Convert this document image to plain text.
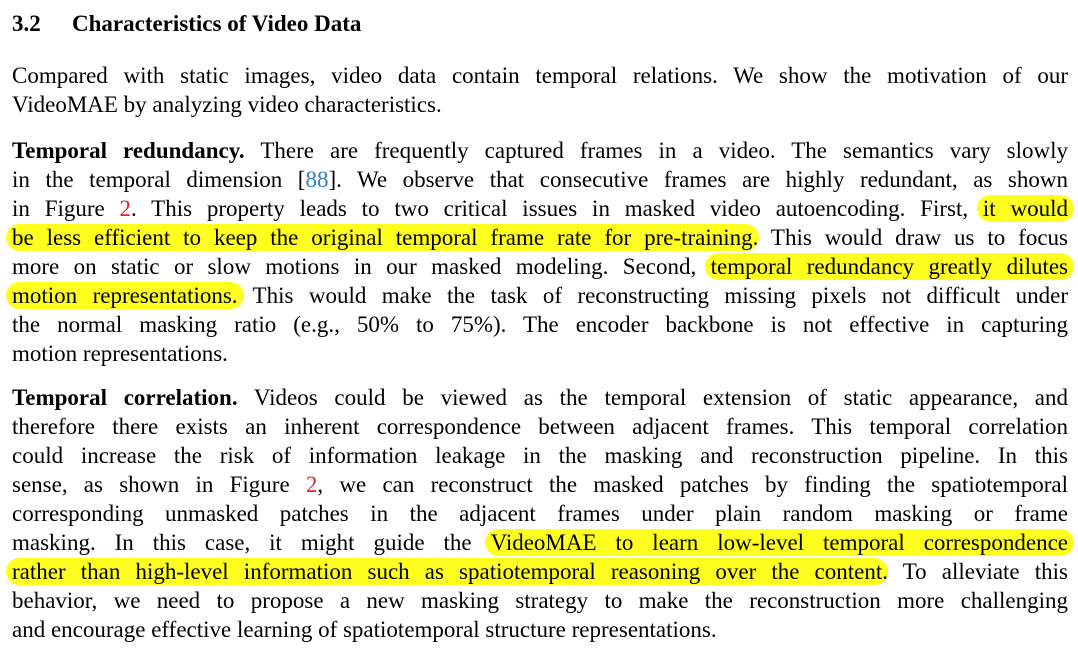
3.2 Characteristics of Video Data

Compared with static images, video data contain temporal relations. We show the motivation of our

VideoMAE by analyzing video characteristics.

Temporal redundancy. There are frequently captured frames in a video. The semantics vary slowly

in the temporal dimension [88]. We observe that consecutive frames are highly redundant, as shown

in Figure 2. This property leads to two critical issues in masked video autoencoding. First, it would

be less efficient to keep the original temporal frame rate for pre-training. This would draw us to focus

more on static or slow motions in our masked modeling. Second, temporal redundancy greatly dilutes

motion representations. This would make the task of reconstructing missing pixels not difficult under

the normal masking ratio (e.g., 50% to 75%). The encoder backbone is not effective in capturing

motion representations.

Temporal correlation. Videos could be viewed as the temporal extension of static appearance, and

therefore there exists an inherent correspondence between adjacent frames. This temporal correlation

could increase the risk of information leakage in the masking and reconstruction pipeline. In this

sense, as shown in Figure 2, we can reconstruct the masked patches by finding the spatiotemporal

corresponding unmasked patches in the adjacent frames under plain random masking or frame

masking. In this case, it might guide the VideoMAE to learn low-level temporal correspondence

rather than high-level information such as spatiotemporal reasoning over the content. To alleviate this

behavior, we need to propose a new masking strategy to make the reconstruction more challenging

and encourage effective learning of spatiotemporal structure representations.
